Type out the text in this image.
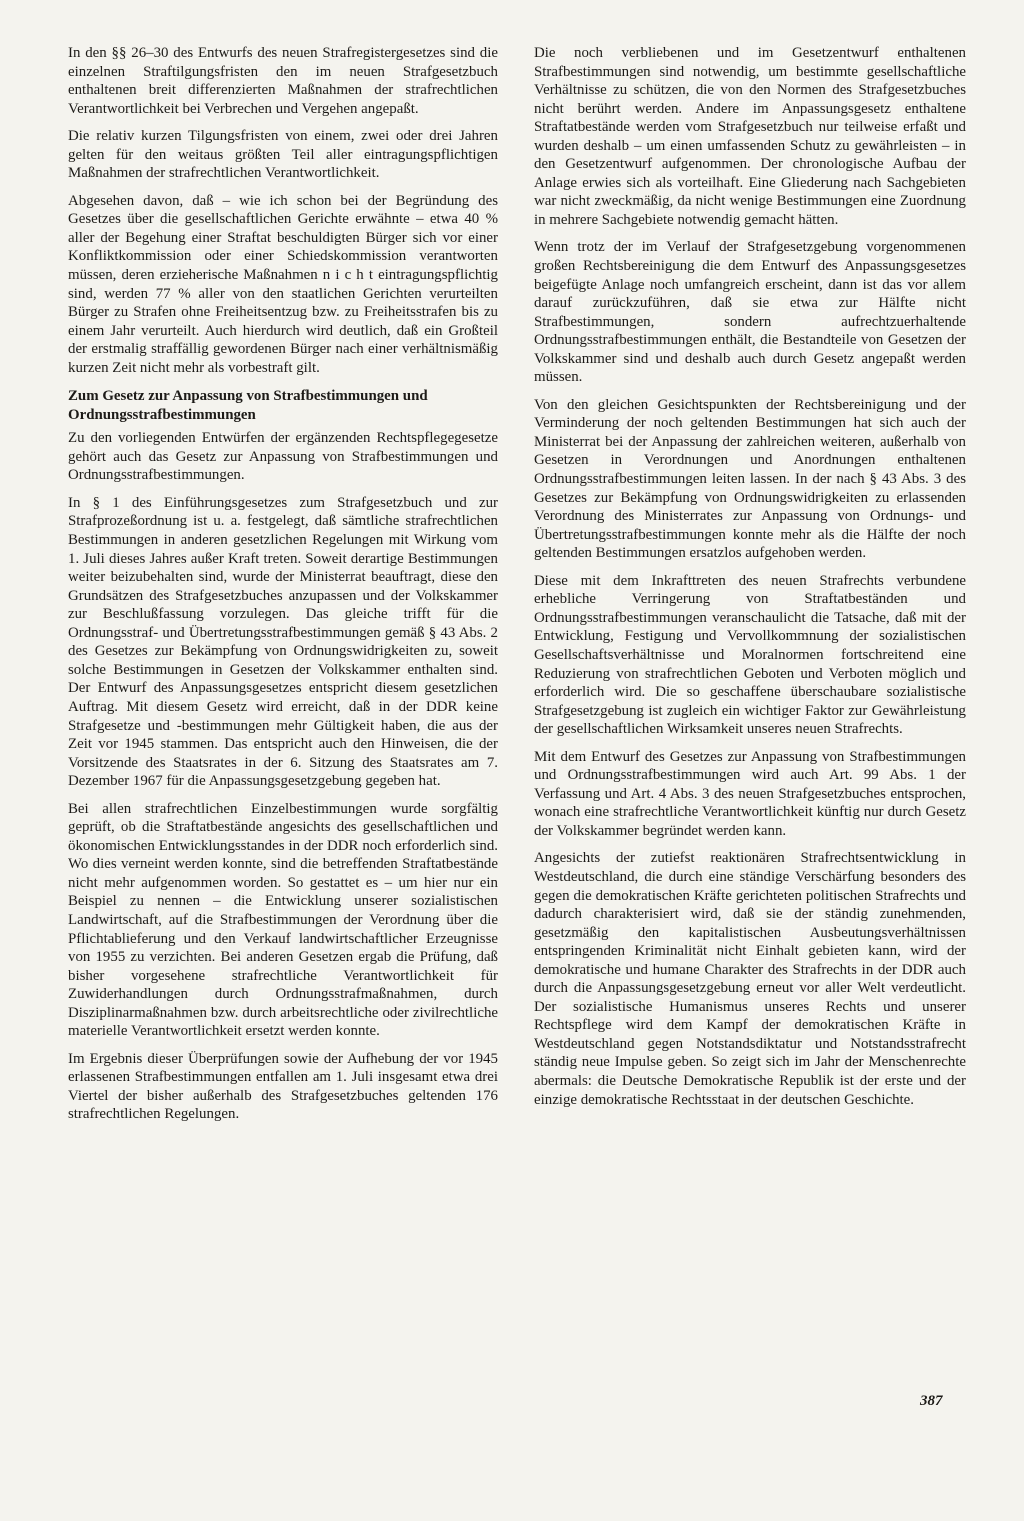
In den §§ 26–30 des Entwurfs des neuen Strafregistergesetzes sind die einzelnen Straftilgungsfristen den im neuen Strafgesetzbuch enthaltenen breit differenzierten Maßnahmen der strafrechtlichen Verantwortlichkeit bei Verbrechen und Vergehen angepaßt.

Die relativ kurzen Tilgungsfristen von einem, zwei oder drei Jahren gelten für den weitaus größten Teil aller eintragungspflichtigen Maßnahmen der strafrechtlichen Verantwortlichkeit.

Abgesehen davon, daß – wie ich schon bei der Begründung des Gesetzes über die gesellschaftlichen Gerichte erwähnte – etwa 40 % aller der Begehung einer Straftat beschuldigten Bürger sich vor einer Konfliktkommission oder einer Schiedskommission verantworten müssen, deren erzieherische Maßnahmen n i c h t eintragungspflichtig sind, werden 77 % aller von den staatlichen Gerichten verurteilten Bürger zu Strafen ohne Freiheitsentzug bzw. zu Freiheitsstrafen bis zu einem Jahr verurteilt. Auch hierdurch wird deutlich, daß ein Großteil der erstmalig straffällig gewordenen Bürger nach einer verhältnismäßig kurzen Zeit nicht mehr als vorbestraft gilt.

Zum Gesetz zur Anpassung von Strafbestimmungen und Ordnungsstrafbestimmungen

Zu den vorliegenden Entwürfen der ergänzenden Rechtspflegegesetze gehört auch das Gesetz zur Anpassung von Strafbestimmungen und Ordnungsstrafbestimmungen.

In § 1 des Einführungsgesetzes zum Strafgesetzbuch und zur Strafprozeßordnung ist u. a. festgelegt, daß sämtliche strafrechtlichen Bestimmungen in anderen gesetzlichen Regelungen mit Wirkung vom 1. Juli dieses Jahres außer Kraft treten. Soweit derartige Bestimmungen weiter beizubehalten sind, wurde der Ministerrat beauftragt, diese den Grundsätzen des Strafgesetzbuches anzupassen und der Volkskammer zur Beschlußfassung vorzulegen. Das gleiche trifft für die Ordnungsstraf- und Übertretungsstrafbestimmungen gemäß § 43 Abs. 2 des Gesetzes zur Bekämpfung von Ordnungswidrigkeiten zu, soweit solche Bestimmungen in Gesetzen der Volkskammer enthalten sind. Der Entwurf des Anpassungsgesetzes entspricht diesem gesetzlichen Auftrag. Mit diesem Gesetz wird erreicht, daß in der DDR keine Strafgesetze und -bestimmungen mehr Gültigkeit haben, die aus der Zeit vor 1945 stammen. Das entspricht auch den Hinweisen, die der Vorsitzende des Staatsrates in der 6. Sitzung des Staatsrates am 7. Dezember 1967 für die Anpassungsgesetzgebung gegeben hat.

Bei allen strafrechtlichen Einzelbestimmungen wurde sorgfältig geprüft, ob die Straftatbestände angesichts des gesellschaftlichen und ökonomischen Entwicklungsstandes in der DDR noch erforderlich sind. Wo dies verneint werden konnte, sind die betreffenden Straftatbestände nicht mehr aufgenommen worden. So gestattet es – um hier nur ein Beispiel zu nennen – die Entwicklung unserer sozialistischen Landwirtschaft, auf die Strafbestimmungen der Verordnung über die Pflichtablieferung und den Verkauf landwirtschaftlicher Erzeugnisse von 1955 zu verzichten. Bei anderen Gesetzen ergab die Prüfung, daß bisher vorgesehene strafrechtliche Verantwortlichkeit für Zuwiderhandlungen durch Ordnungsstrafmaßnahmen, durch Disziplinarmaßnahmen bzw. durch arbeitsrechtliche oder zivilrechtliche materielle Verantwortlichkeit ersetzt werden konnte.

Im Ergebnis dieser Überprüfungen sowie der Aufhebung der vor 1945 erlassenen Strafbestimmungen entfallen am 1. Juli insgesamt etwa drei Viertel der bisher außerhalb des Strafgesetzbuches geltenden 176 strafrechtlichen Regelungen.

Die noch verbliebenen und im Gesetzentwurf enthaltenen Strafbestimmungen sind notwendig, um bestimmte gesellschaftliche Verhältnisse zu schützen, die von den Normen des Strafgesetzbuches nicht berührt werden. Andere im Anpassungsgesetz enthaltene Straftatbestände werden vom Strafgesetzbuch nur teilweise erfaßt und wurden deshalb – um einen umfassenden Schutz zu gewährleisten – in den Gesetzentwurf aufgenommen. Der chronologische Aufbau der Anlage erwies sich als vorteilhaft. Eine Gliederung nach Sachgebieten war nicht zweckmäßig, da nicht wenige Bestimmungen eine Zuordnung in mehrere Sachgebiete notwendig gemacht hätten.

Wenn trotz der im Verlauf der Strafgesetzgebung vorgenommenen großen Rechtsbereinigung die dem Entwurf des Anpassungsgesetzes beigefügte Anlage noch umfangreich erscheint, dann ist das vor allem darauf zurückzuführen, daß sie etwa zur Hälfte nicht Strafbestimmungen, sondern aufrechtzuerhaltende Ordnungsstrafbestimmungen enthält, die Bestandteile von Gesetzen der Volkskammer sind und deshalb auch durch Gesetz angepaßt werden müssen.

Von den gleichen Gesichtspunkten der Rechtsbereinigung und der Verminderung der noch geltenden Bestimmungen hat sich auch der Ministerrat bei der Anpassung der zahlreichen weiteren, außerhalb von Gesetzen in Verordnungen und Anordnungen enthaltenen Ordnungsstrafbestimmungen leiten lassen. In der nach § 43 Abs. 3 des Gesetzes zur Bekämpfung von Ordnungswidrigkeiten zu erlassenden Verordnung des Ministerrates zur Anpassung von Ordnungs- und Übertretungsstrafbestimmungen konnte mehr als die Hälfte der noch geltenden Bestimmungen ersatzlos aufgehoben werden.

Diese mit dem Inkrafttreten des neuen Strafrechts verbundene erhebliche Verringerung von Straftatbeständen und Ordnungsstrafbestimmungen veranschaulicht die Tatsache, daß mit der Entwicklung, Festigung und Vervollkommnung der sozialistischen Gesellschaftsverhältnisse und Moralnormen fortschreitend eine Reduzierung von strafrechtlichen Geboten und Verboten möglich und erforderlich wird. Die so geschaffene überschaubare sozialistische Strafgesetzgebung ist zugleich ein wichtiger Faktor zur Gewährleistung der gesellschaftlichen Wirksamkeit unseres neuen Strafrechts.

Mit dem Entwurf des Gesetzes zur Anpassung von Strafbestimmungen und Ordnungsstrafbestimmungen wird auch Art. 99 Abs. 1 der Verfassung und Art. 4 Abs. 3 des neuen Strafgesetzbuches entsprochen, wonach eine strafrechtliche Verantwortlichkeit künftig nur durch Gesetz der Volkskammer begründet werden kann.

Angesichts der zutiefst reaktionären Strafrechtsentwicklung in Westdeutschland, die durch eine ständige Verschärfung besonders des gegen die demokratischen Kräfte gerichteten politischen Strafrechts und dadurch charakterisiert wird, daß sie der ständig zunehmenden, gesetzmäßig den kapitalistischen Ausbeutungsverhältnissen entspringenden Kriminalität nicht Einhalt gebieten kann, wird der demokratische und humane Charakter des Strafrechts in der DDR auch durch die Anpassungsgesetzgebung erneut vor aller Welt verdeutlicht. Der sozialistische Humanismus unseres Rechts und unserer Rechtspflege wird dem Kampf der demokratischen Kräfte in Westdeutschland gegen Notstandsdiktatur und Notstandsstrafrecht ständig neue Impulse geben. So zeigt sich im Jahr der Menschenrechte abermals: die Deutsche Demokratische Republik ist der erste und der einzige demokratische Rechtsstaat in der deutschen Geschichte.

387
